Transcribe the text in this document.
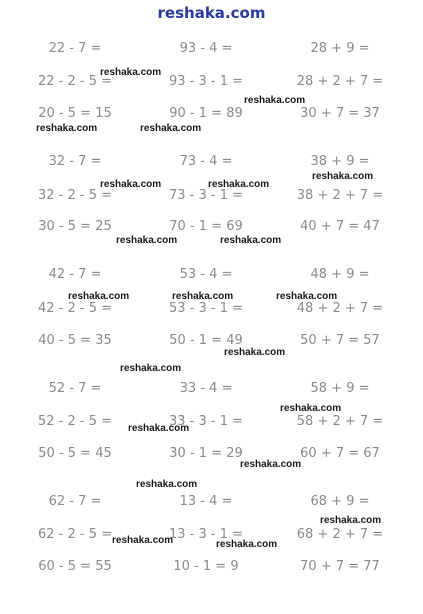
reshaka.com
22 - 7 =	93 - 4 =	28 + 9 =
22 - 2 - 5 =	93 - 3 - 1 =	28 + 2 + 7 =
20 - 5 = 15	90 - 1 = 89	30 + 7 = 37
32 - 7 =	73 - 4 =	38 + 9 =
32 - 2 - 5 =	73 - 3 - 1 =	38 + 2 + 7 =
30 - 5 = 25	70 - 1 = 69	40 + 7 = 47
42 - 7 =	53 - 4 =	48 + 9 =
42 - 2 - 5 =	53 - 3 - 1 =	48 + 2 + 7 =
40 - 5 = 35	50 - 1 = 49	50 + 7 = 57
52 - 7 =	33 - 4 =	58 + 9 =
52 - 2 - 5 =	33 - 3 - 1 =	58 + 2 + 7 =
50 - 5 = 45	30 - 1 = 29	60 + 7 = 67
62 - 7 =	13 - 4 =	68 + 9 =
62 - 2 - 5 =	13 - 3 - 1 =	68 + 2 + 7 =
60 - 5 = 55	10 - 1 = 9	70 + 7 = 77
reshaka.com
reshaka.com
reshaka.com	reshaka.com
reshaka.com	reshaka.com
reshaka.com
reshaka.com	reshaka.com
reshaka.com	reshaka.com	reshaka.com
reshaka.com
reshaka.com
reshaka.com
reshaka.com
reshaka.com
reshaka.com
reshaka.com
reshaka.com	reshaka.com
